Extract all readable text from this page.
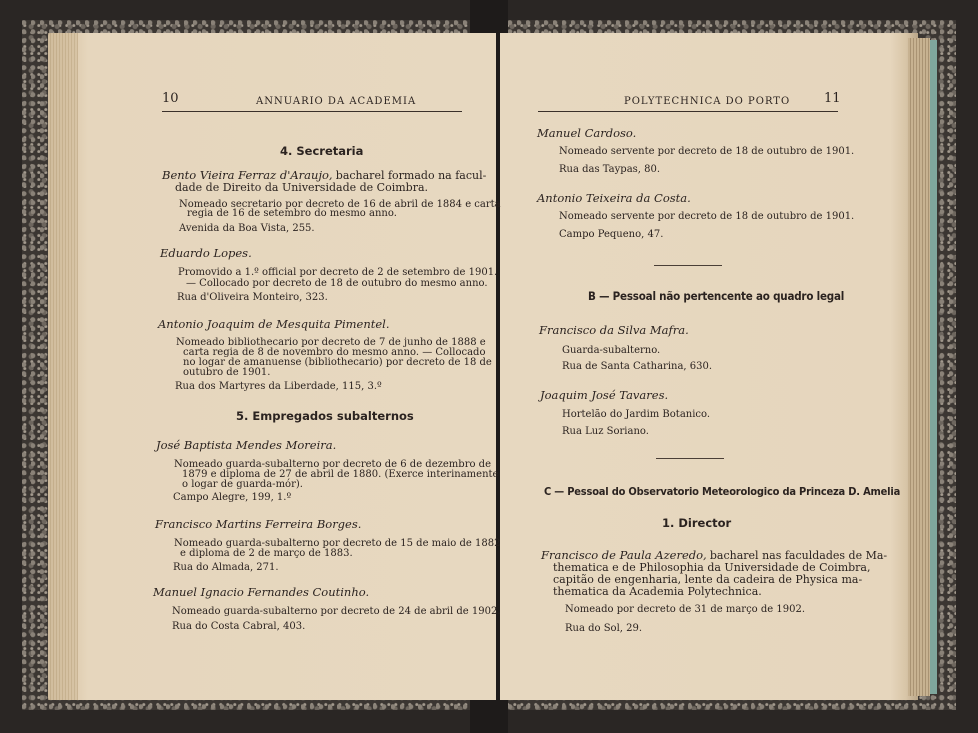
10	ANNUARIO DA ACADEMIA
4. Secretaria
Bento Vieira Ferraz d'Araujo, bacharel formado na facul-
dade de Direito da Universidade de Coimbra.
Nomeado secretario por decreto de 16 de abril de 1884 e carta
regia de 16 de setembro do mesmo anno.
Avenida da Boa Vista, 255.
Eduardo Lopes.
Promovido a 1.º official por decreto de 2 de setembro de 1901.
— Collocado por decreto de 18 de outubro do mesmo anno.
Rua d'Oliveira Monteiro, 323.
Antonio Joaquim de Mesquita Pimentel.
Nomeado bibliothecario por decreto de 7 de junho de 1888 e
carta regia de 8 de novembro do mesmo anno. — Collocado
no logar de amanuense (bibliothecario) por decreto de 18 de
outubro de 1901.
Rua dos Martyres da Liberdade, 115, 3.º
5. Empregados subalternos
José Baptista Mendes Moreira.
Nomeado guarda-subalterno por decreto de 6 de dezembro de
1879 e diploma de 27 de abril de 1880. (Exerce interinamente
o logar de guarda-mór).
Campo Alegre, 199, 1.º
Francisco Martins Ferreira Borges.
Nomeado guarda-subalterno por decreto de 15 de maio de 1882
e diploma de 2 de março de 1883.
Rua do Almada, 271.
Manuel Ignacio Fernandes Coutinho.
Nomeado guarda-subalterno por decreto de 24 de abril de 1902.
Rua do Costa Cabral, 403.
POLYTECHNICA DO PORTO	11
Manuel Cardoso.
Nomeado servente por decreto de 18 de outubro de 1901.
Rua das Taypas, 80.
Antonio Teixeira da Costa.
Nomeado servente por decreto de 18 de outubro de 1901.
Campo Pequeno, 47.
B — Pessoal não pertencente ao quadro legal
Francisco da Silva Mafra.
Guarda-subalterno.
Rua de Santa Catharina, 630.
Joaquim José Tavares.
Hortelão do Jardim Botanico.
Rua Luz Soriano.
C — Pessoal do Observatorio Meteorologico da Princeza D. Amelia
1. Director
Francisco de Paula Azeredo, bacharel nas faculdades de Ma-
thematica e de Philosophia da Universidade de Coimbra,
capitão de engenharia, lente da cadeira de Physica ma-
thematica da Academia Polytechnica.
Nomeado por decreto de 31 de março de 1902.
Rua do Sol, 29.
